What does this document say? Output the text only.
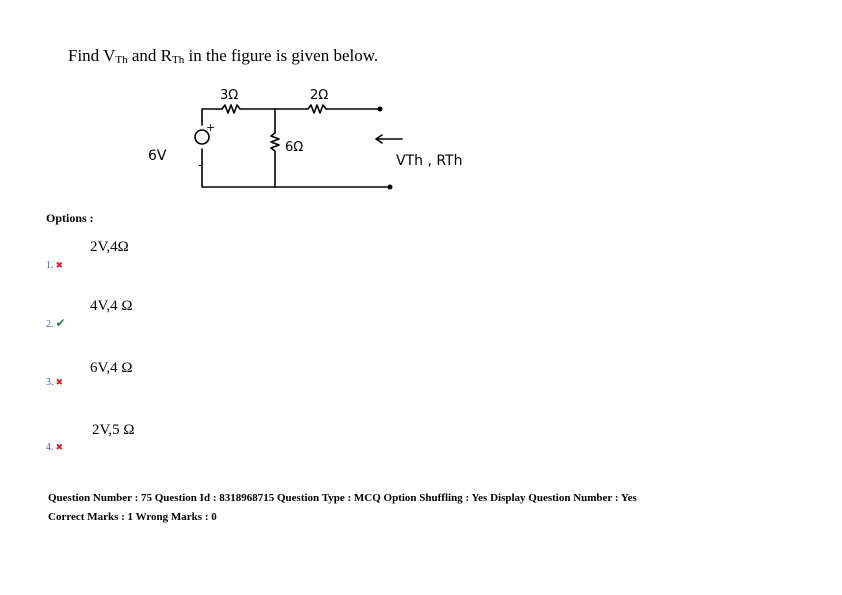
Find $V_{Th}$ and $R_{Th}$ in the figure is given below.
3Ω	2Ω
6Ω
6V
+
-	VTh , RTh
Options :
1. ✖
2V,4Ω
2. ✔
4V,4 Ω
3. ✖
6V,4 Ω
4. ✖
2V,5 Ω
Question Number : 75 Question Id : 8318968715 Question Type : MCQ Option Shuffling : Yes Display Question Number : Yes
Correct Marks : 1 Wrong Marks : 0
